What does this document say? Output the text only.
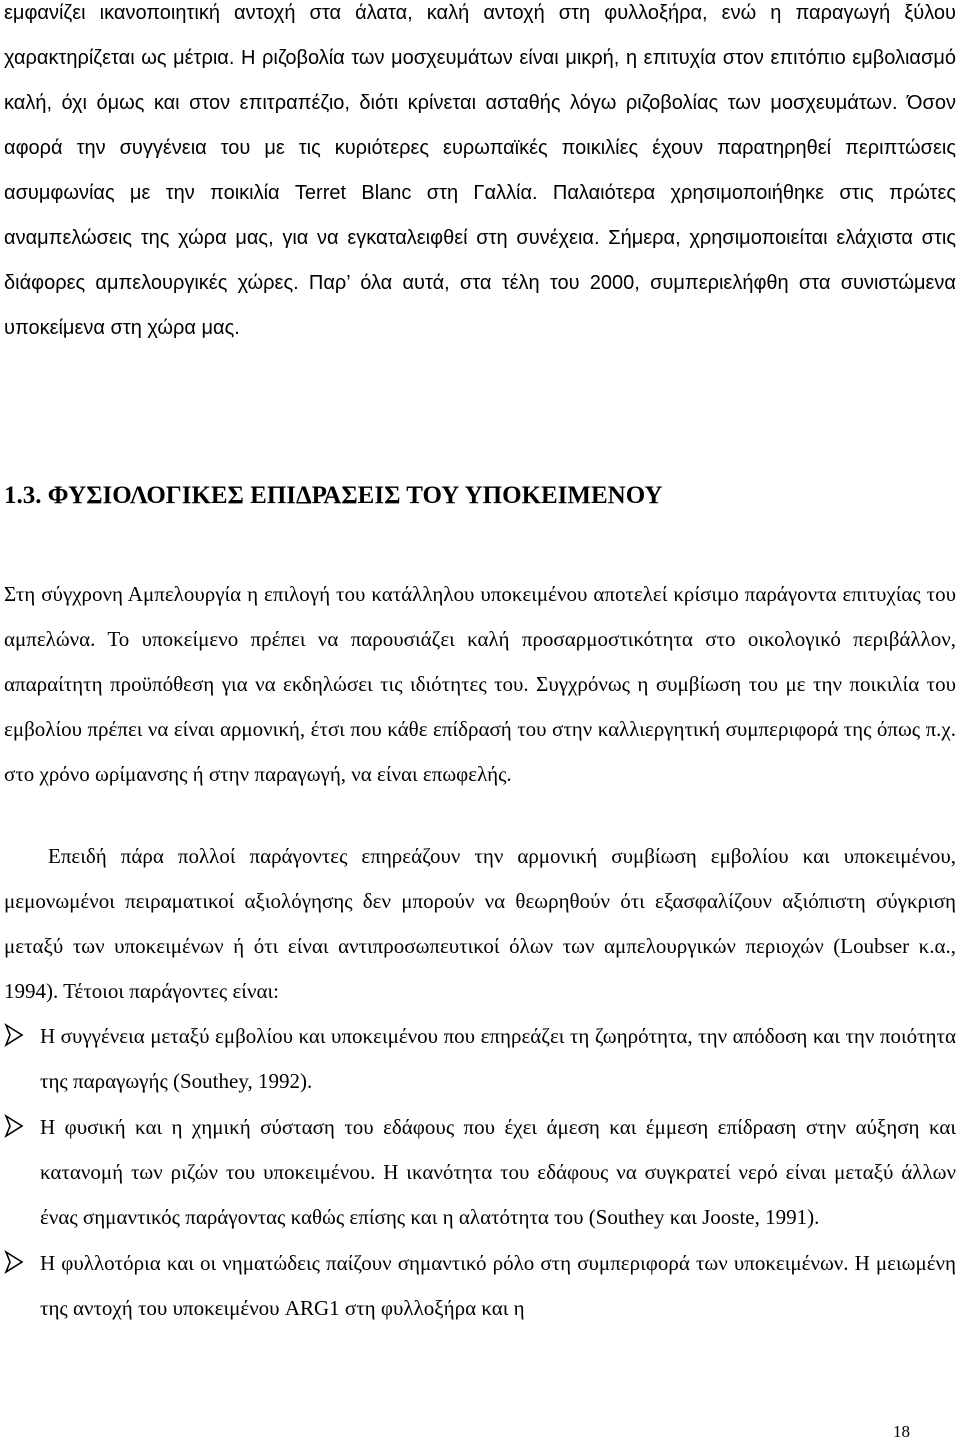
εμφανίζει ικανοποιητική αντοχή στα άλατα, καλή αντοχή στη φυλλοξήρα, ενώ η παραγωγή ξύλου χαρακτηρίζεται ως μέτρια. Η ριζοβολία των μοσχευμάτων είναι μικρή, η επιτυχία στον επιτόπιο εμβολιασμό καλή, όχι όμως και στον επιτραπέζιο, διότι κρίνεται ασταθής λόγω ριζοβολίας των μοσχευμάτων. Όσον αφορά την συγγένεια του με τις κυριότερες ευρωπαϊκές ποικιλίες έχουν παρατηρηθεί περιπτώσεις ασυμφωνίας με την ποικιλία Terret Blanc στη Γαλλία. Παλαιότερα χρησιμοποιήθηκε στις πρώτες αναμπελώσεις της χώρα μας, για να εγκαταλειφθεί στη συνέχεια. Σήμερα, χρησιμοποιείται ελάχιστα στις διάφορες αμπελουργικές χώρες. Παρ’ όλα αυτά, στα τέλη του 2000, συμπεριελήφθη στα συνιστώμενα υποκείμενα στη χώρα μας.

1.3. ΦΥΣΙΟΛΟΓΙΚΕΣ ΕΠΙΔΡΑΣΕΙΣ ΤΟΥ ΥΠΟΚΕΙΜΕΝΟΥ

Στη σύγχρονη Αμπελουργία η επιλογή του κατάλληλου υποκειμένου αποτελεί κρίσιμο παράγοντα επιτυχίας του αμπελώνα. Το υποκείμενο πρέπει να παρουσιάζει καλή προσαρμοστικότητα στο οικολογικό περιβάλλον, απαραίτητη προϋπόθεση για να εκδηλώσει τις ιδιότητες του. Συγχρόνως η συμβίωση του με την ποικιλία του εμβολίου πρέπει να είναι αρμονική, έτσι που κάθε επίδρασή του στην καλλιεργητική συμπεριφορά της όπως π.χ. στο χρόνο ωρίμανσης ή στην παραγωγή, να είναι επωφελής.

Επειδή πάρα πολλοί παράγοντες επηρεάζουν την αρμονική συμβίωση εμβολίου και υποκειμένου, μεμονωμένοι πειραματικοί αξιολόγησης δεν μπορούν να θεωρηθούν ότι εξασφαλίζουν αξιόπιστη σύγκριση μεταξύ των υποκειμένων ή ότι είναι αντιπροσωπευτικοί όλων των αμπελουργικών περιοχών (Loubser κ.α., 1994). Τέτοιοι παράγοντες είναι:

Η συγγένεια μεταξύ εμβολίου και υποκειμένου που επηρεάζει τη ζωηρότητα, την απόδοση και την ποιότητα της παραγωγής (Southey, 1992).

Η φυσική και η χημική σύσταση του εδάφους που έχει άμεση και έμμεση επίδραση στην αύξηση και κατανομή των ριζών του υποκειμένου. Η ικανότητα του εδάφους να συγκρατεί νερό είναι μεταξύ άλλων ένας σημαντικός παράγοντας καθώς επίσης και η αλατότητα του (Southey και Jooste, 1991).

Η φυλλοτόρια και οι νηματώδεις παίζουν σημαντικό ρόλο στη συμπεριφορά των υποκειμένων. Η μειωμένη της αντοχή του υποκειμένου ARG1 στη φυλλοξήρα και η

18
